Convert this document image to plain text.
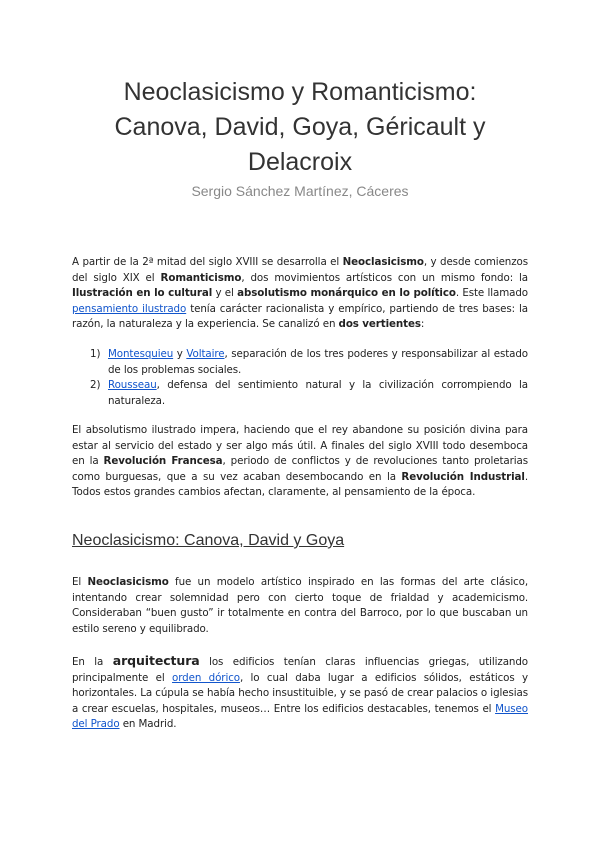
Neoclasicismo y Romanticismo:
Canova, David, Goya, Géricault y
Delacroix

Sergio Sánchez Martínez, Cáceres

A partir de la 2ª mitad del siglo XVIII se desarrolla el Neoclasicismo, y desde comienzos del siglo XIX el Romanticismo, dos movimientos artísticos con un mismo fondo: la Ilustración en lo cultural y el absolutismo monárquico en lo político. Este llamado pensamiento ilustrado tenía carácter racionalista y empírico, partiendo de tres bases: la razón, la naturaleza y la experiencia. Se canalizó en dos vertientes:

1) Montesquieu y Voltaire, separación de los tres poderes y responsabilizar al estado de los problemas sociales.
2) Rousseau, defensa del sentimiento natural y la civilización corrompiendo la naturaleza.

El absolutismo ilustrado impera, haciendo que el rey abandone su posición divina para estar al servicio del estado y ser algo más útil. A finales del siglo XVIII todo desemboca en la Revolución Francesa, periodo de conflictos y de revoluciones tanto proletarias como burguesas, que a su vez acaban desembocando en la Revolución Industrial. Todos estos grandes cambios afectan, claramente, al pensamiento de la época.

Neoclasicismo: Canova, David y Goya

El Neoclasicismo fue un modelo artístico inspirado en las formas del arte clásico, intentando crear solemnidad pero con cierto toque de frialdad y academicismo. Consideraban “buen gusto” ir totalmente en contra del Barroco, por lo que buscaban un estilo sereno y equilibrado.

En la arquitectura los edificios tenían claras influencias griegas, utilizando principalmente el orden dórico, lo cual daba lugar a edificios sólidos, estáticos y horizontales. La cúpula se había hecho insustituible, y se pasó de crear palacios o iglesias a crear escuelas, hospitales, museos… Entre los edificios destacables, tenemos el Museo del Prado en Madrid.
